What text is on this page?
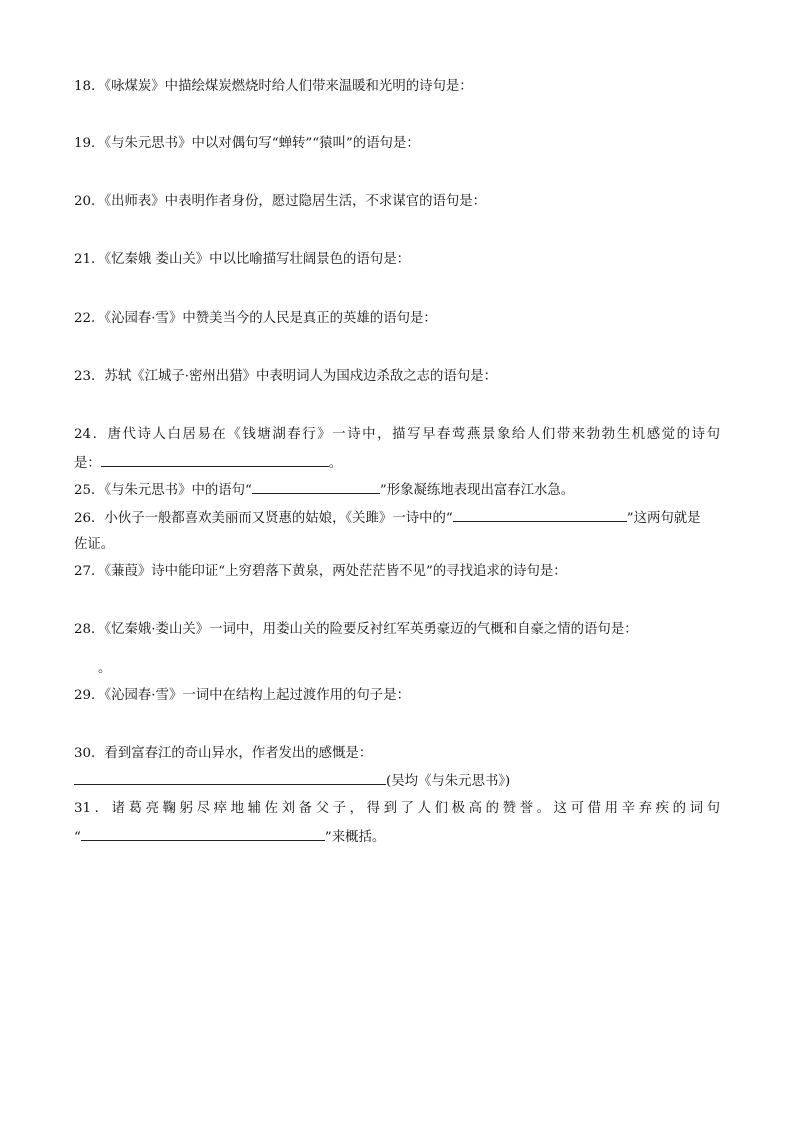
18．《咏煤炭》中描绘煤炭燃烧时给人们带来温暖和光明的诗句是：
19．《与朱元思书》中以对偶句写“蝉转”“猿叫”的语句是：
20．《出师表》中表明作者身份，愿过隐居生活，不求谋官的语句是：
21．《忆秦娥 娄山关》中以比喻描写壮阔景色的语句是：
22．《沁园春·雪》中赞美当今的人民是真正的英雄的语句是：
23．苏轼《江城子·密州出猎》中表明词人为国戍边杀敌之志的语句是：
24．唐代诗人白居易在《钱塘湖春行》一诗中，描写早春莺燕景象给人们带来勃勃生机感觉的诗句
是：	。
25．《与朱元思书》中的语句“	”形象凝练地表现出富春江水急。
26．小伙子一般都喜欢美丽而又贤惠的姑娘，《关雎》一诗中的“	”这两句就是
佐证。
27．《蒹葭》诗中能印证“上穷碧落下黄泉，两处茫茫皆不见”的寻找追求的诗句是：
28．《忆秦娥·娄山关》一词中，用娄山关的险要反衬红军英勇豪迈的气概和自豪之情的语句是：
。
29．《沁园春·雪》一词中在结构上起过渡作用的句子是：
30．看到富春江的奇山异水，作者发出的感慨是：
(吴均《与朱元思书》)
31．诸葛亮鞠躬尽瘁地辅佐刘备父子，得到了人们极高的赞誉。这可借用辛弃疾的词句
“	”来概括。
